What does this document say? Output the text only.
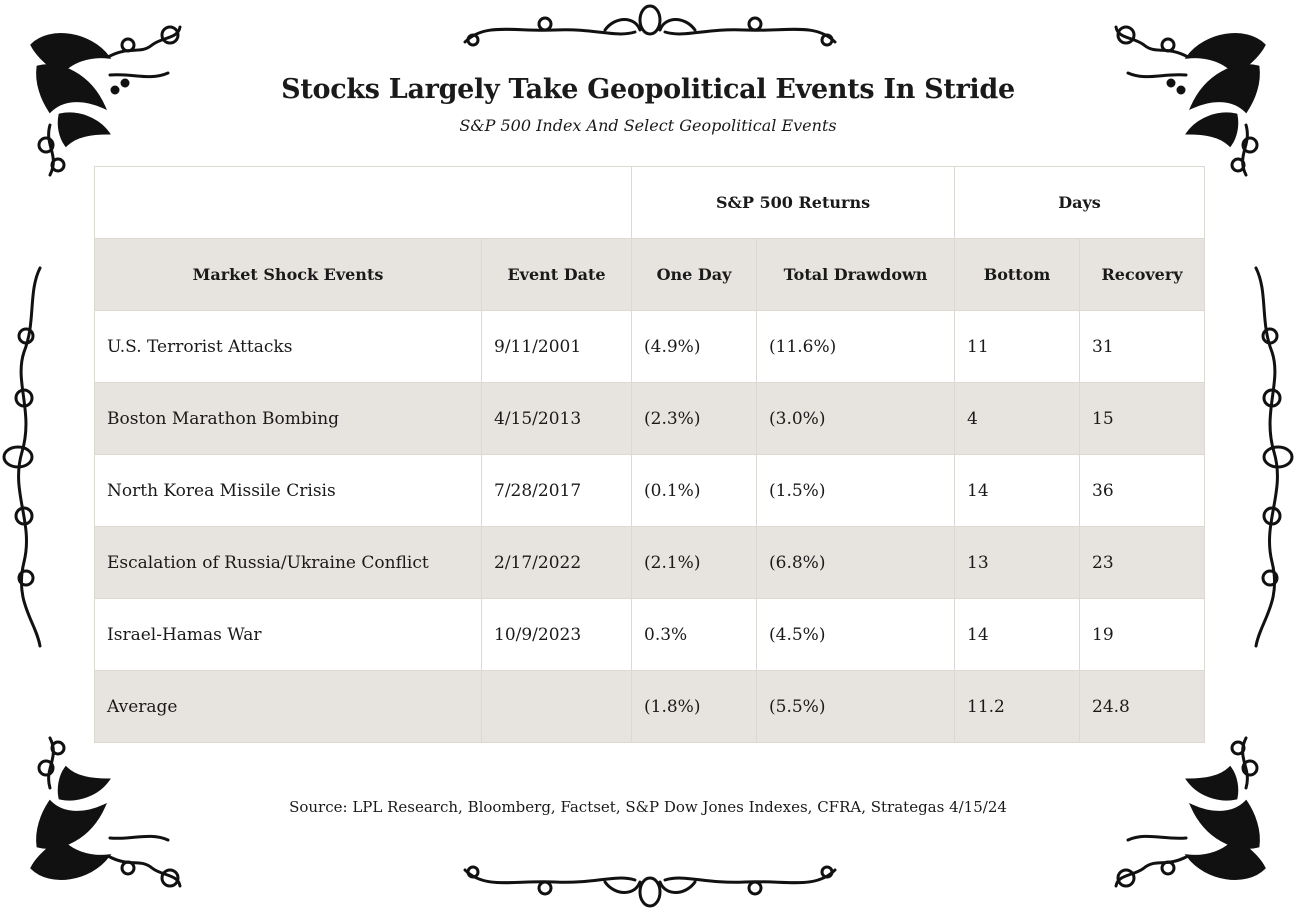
Stocks Largely Take Geopolitical Events In Stride
S&P 500 Index And Select Geopolitical Events
		S&P 500 Returns		Days	
Market Shock Events	Event Date	One Day	Total Drawdown	Bottom	Recovery
U.S. Terrorist Attacks	9/11/2001	(4.9%)	(11.6%)	11	31
Boston Marathon Bombing	4/15/2013	(2.3%)	(3.0%)	4	15
North Korea Missile Crisis	7/28/2017	(0.1%)	(1.5%)	14	36
Escalation of Russia/Ukraine Conflict	2/17/2022	(2.1%)	(6.8%)	13	23
Israel-Hamas War	10/9/2023	0.3%	(4.5%)	14	19
Average		(1.8%)	(5.5%)	11.2	24.8
Source: LPL Research, Bloomberg, Factset, S&P Dow Jones Indexes, CFRA, Strategas 4/15/24
